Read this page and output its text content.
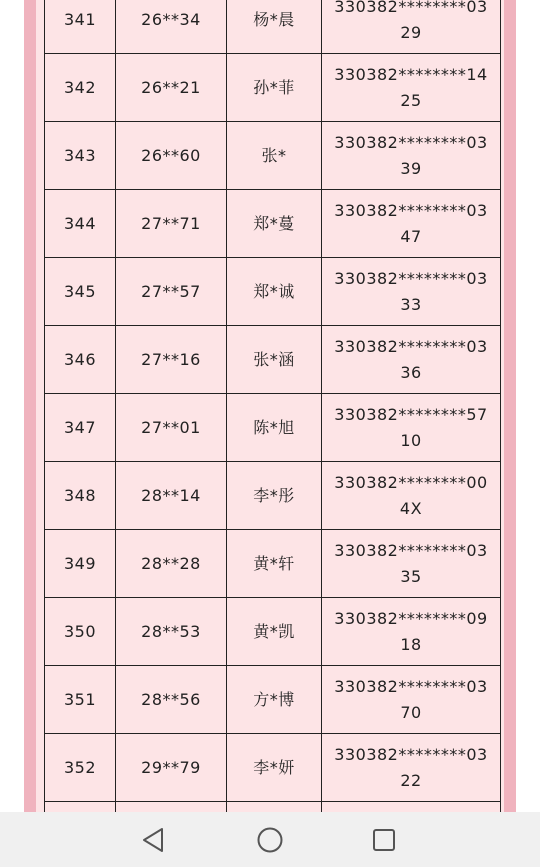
341	26**34	杨*晨	330382********03
29

342	26**21	孙*菲	330382********14
25

343	26**60	张*	330382********03
39

344	27**71	郑*蔓	330382********03
47

345	27**57	郑*诚	330382********03
33

346	27**16	张*涵	330382********03
36

347	27**01	陈*旭	330382********57
10

348	28**14	李*彤	330382********00
4X

349	28**28	黄*轩	330382********03
35

350	28**53	黄*凯	330382********09
18

351	28**56	方*博	330382********03
70

352	29**79	李*妍	330382********03
22
